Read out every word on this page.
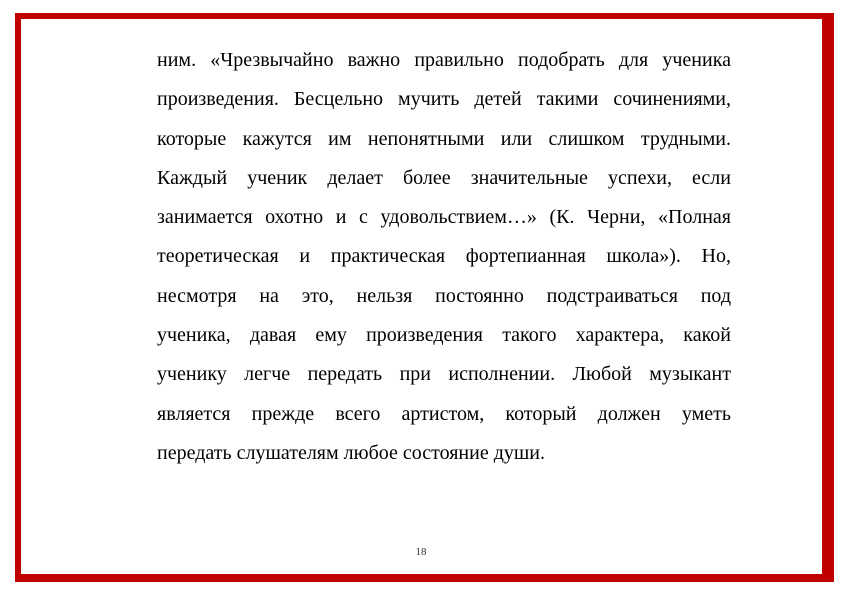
ним. «Чрезвычайно важно правильно подобрать для ученика
произведения. Бесцельно мучить детей такими сочинениями,
которые кажутся им непонятными или слишком трудными.
Каждый ученик делает более значительные успехи, если
занимается охотно и с удовольствием…» (К. Черни, «Полная
теоретическая и практическая фортепианная школа»). Но,
несмотря на это, нельзя постоянно подстраиваться под
ученика, давая ему произведения такого характера, какой
ученику легче передать при исполнении. Любой музыкант
является прежде всего артистом, который должен уметь
передать слушателям любое состояние души.
18
